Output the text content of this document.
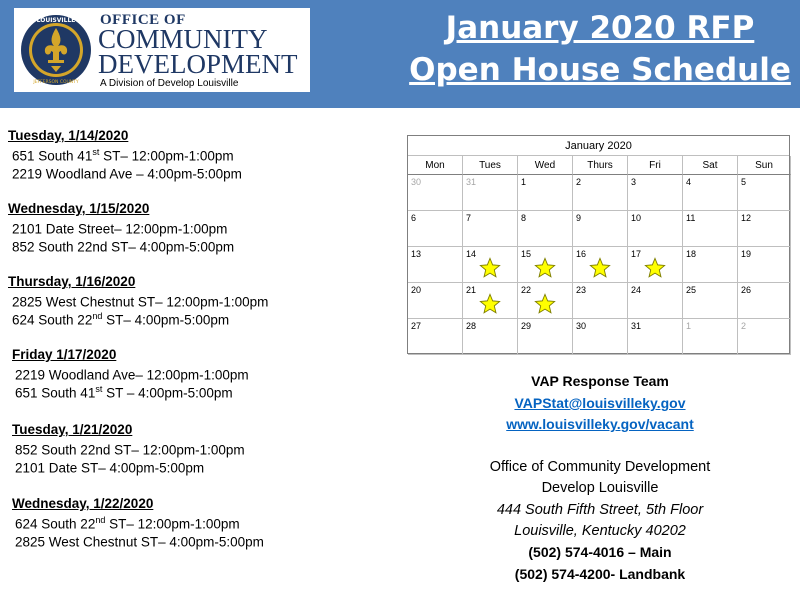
LOUISVILLE
JEFFERSON COUNTY
OFFICE OF
COMMUNITY
DEVELOPMENT
A Division of Develop Louisville
January 2020 RFP
Open House Schedule
Tuesday, 1/14/2020
651 South 41st ST– 12:00pm-1:00pm
2219 Woodland Ave – 4:00pm-5:00pm
Wednesday, 1/15/2020
2101 Date Street– 12:00pm-1:00pm
852 South 22nd ST– 4:00pm-5:00pm
Thursday, 1/16/2020
2825 West Chestnut ST– 12:00pm-1:00pm
624 South 22nd ST– 4:00pm-5:00pm
Friday 1/17/2020
2219 Woodland Ave– 12:00pm-1:00pm
651 South 41st ST – 4:00pm-5:00pm
Tuesday, 1/21/2020
852 South 22nd ST– 12:00pm-1:00pm
2101 Date ST– 4:00pm-5:00pm
Wednesday, 1/22/2020
624 South 22nd ST– 12:00pm-1:00pm
2825 West Chestnut ST– 4:00pm-5:00pm
January 2020
Mon	Tues	Wed	Thurs	Fri	Sat	Sun
30	31	1	2	3	4	5
6	7	8	9	10	11	12
13	14	15	16	17	18	19
20	21	22	23	24	25	26
27	28	29	30	31	1	2
VAP Response Team
VAPStat@louisvilleky.gov
www.louisvilleky.gov/vacant
Office of Community Development
Develop Louisville
444 South Fifth Street, 5th Floor
Louisville, Kentucky 40202
(502) 574-4016 – Main
(502) 574-4200- Landbank
